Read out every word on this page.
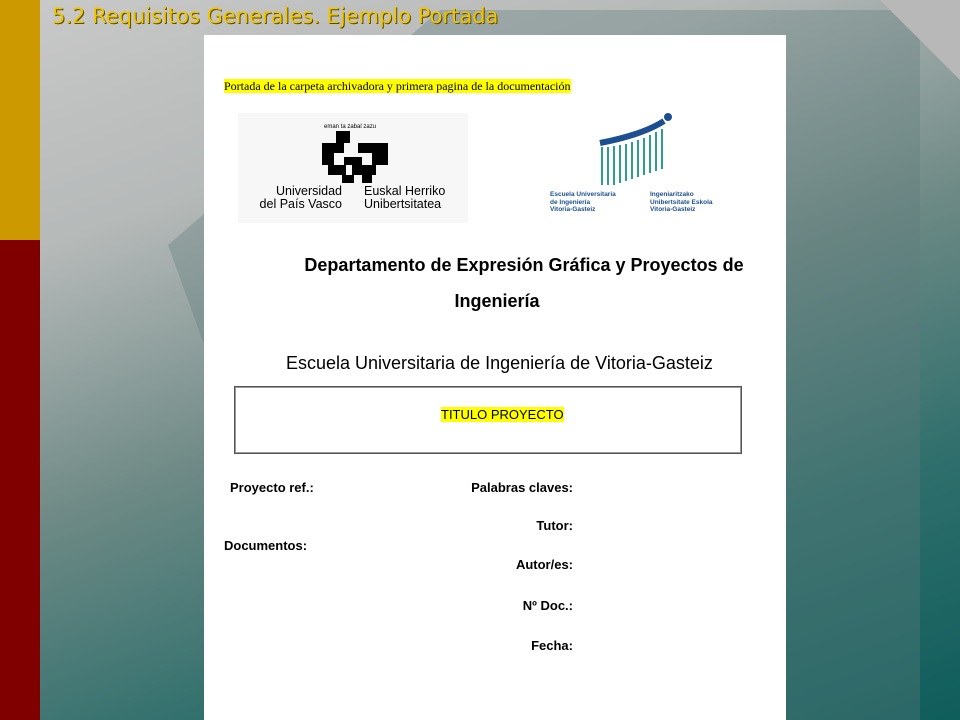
5.2 Requisitos Generales. Ejemplo Portada
Portada de la carpeta archivadora y primera pagina de la documentación
eman ta zabal zazu
Universidad
del País Vasco
Euskal Herriko
Unibertsitatea
Escuela Universitaria
de Ingeniería
Vitoria-Gasteiz
Ingeniaritzako
Unibertsitate Eskola
Vitoria-Gasteiz
Departamento de Expresión Gráfica y Proyectos de
Ingeniería
Escuela Universitaria de Ingeniería de Vitoria-Gasteiz
TITULO PROYECTO
Proyecto ref.:
Documentos:
Palabras claves:
Tutor:
Autor/es:
Nº Doc.:
Fecha:
